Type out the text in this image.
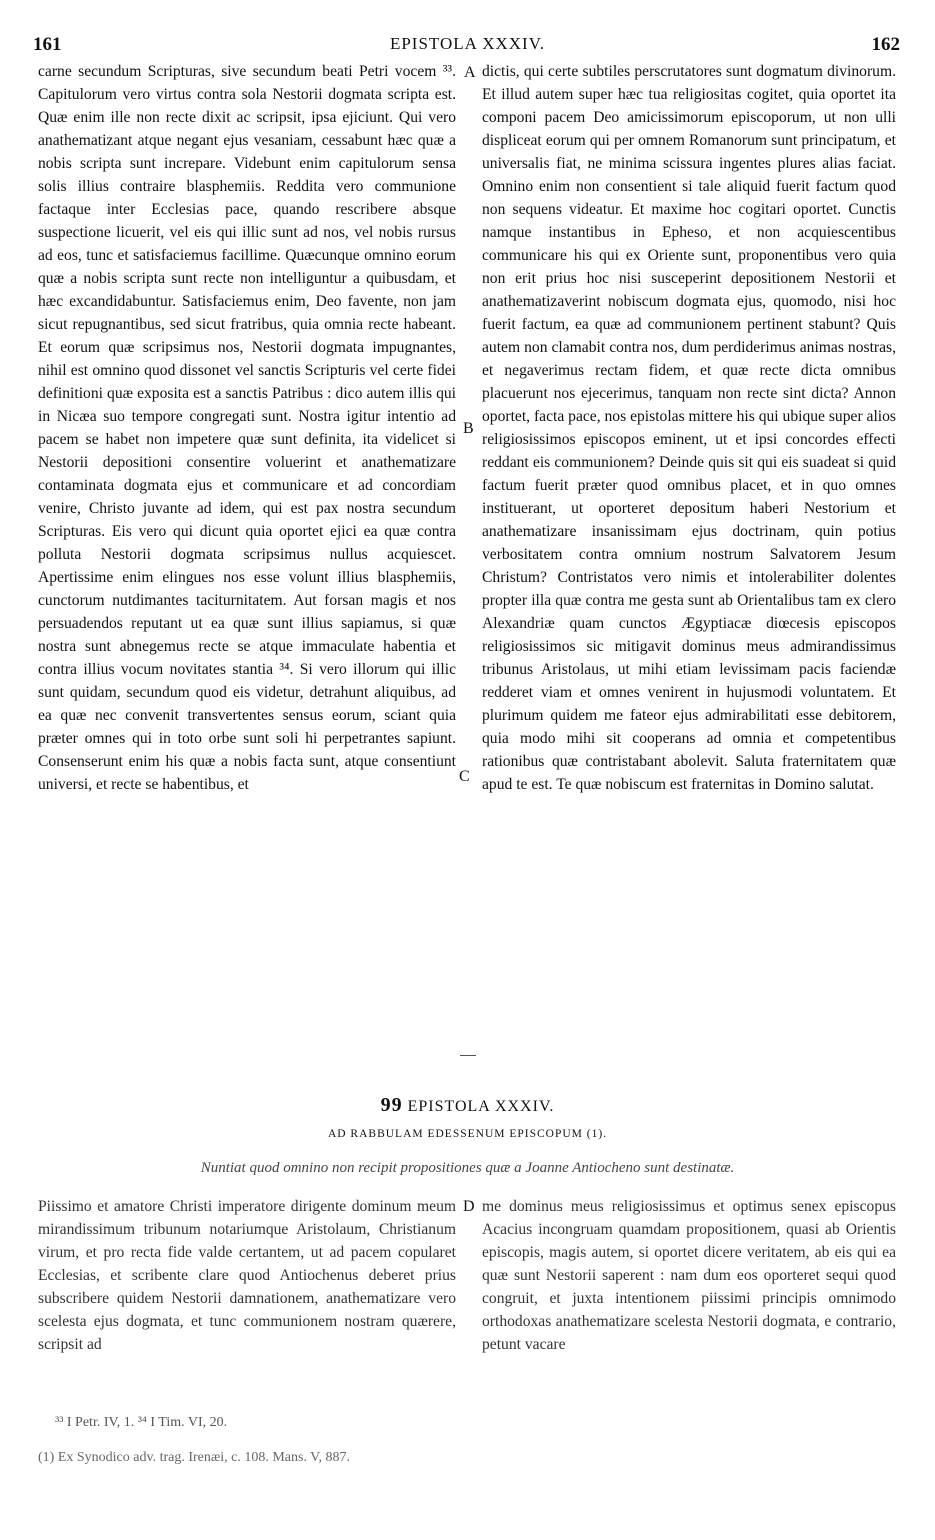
161	EPISTOLA XXXIV.	162

carne secundum Scripturas, sive secundum beati Petri vocem ³³. Capitulorum vero virtus contra sola Nestorii dogmata scripta est. Quæ enim ille non recte dixit ac scripsit, ipsa ejiciunt. Qui vero anathematizant atque negant ejus vesaniam, cessabunt hæc quæ a nobis scripta sunt increpare. Videbunt enim capitulorum sensa solis illius contraire blasphemiis. Reddita vero communione factaque inter Ecclesias pace, quando rescribere absque suspectione licuerit, vel eis qui illic sunt ad nos, vel nobis rursus ad eos, tunc et satisfaciemus facillime. Quæcunque omnino eorum quæ a nobis scripta sunt recte non intelliguntur a quibusdam, et hæc excandidabuntur. Satisfaciemus enim, Deo favente, non jam sicut repugnantibus, sed sicut fratribus, quia omnia recte habeant. Et eorum quæ scripsimus nos, Nestorii dogmata impugnantes, nihil est omnino quod dissonet vel sanctis Scripturis vel certe fidei definitioni quæ exposita est a sanctis Patribus : dico autem illis qui in Nicæa suo tempore congregati sunt. Nostra igitur intentio ad pacem se habet non impetere quæ sunt definita, ita videlicet si Nestorii depositioni consentire voluerint et anathematizare contaminata dogmata ejus et communicare et ad concordiam venire, Christo juvante ad idem, qui est pax nostra secundum Scripturas. Eis vero qui dicunt quia oportet ejici ea quæ contra polluta Nestorii dogmata scripsimus nullus acquiescet. Apertissime enim elingues nos esse volunt illius blasphemiis, cunctorum nutdimantes taciturnitatem. Aut forsan magis et nos persuadendos reputant ut ea quæ sunt illius sapiamus, si quæ nostra sunt abnegemus recte se atque immaculate habentia et contra illius vocum novitates stantia ³⁴. Si vero illorum qui illic sunt quidam, secundum quod eis videtur, detrahunt aliquibus, ad ea quæ nec convenit transvertentes sensus eorum, sciant quia præter omnes qui in toto orbe sunt soli hi perpetrantes sapiunt. Consenserunt enim his quæ a nobis facta sunt, atque consentiunt universi, et recte se habentibus, et

dictis, qui certe subtiles perscrutatores sunt dogmatum divinorum. Et illud autem super hæc tua religiositas cogitet, quia oportet ita componi pacem Deo amicissimorum episcoporum, ut non ulli displiceat eorum qui per omnem Romanorum sunt principatum, et universalis fiat, ne minima scissura ingentes plures alias faciat. Omnino enim non consentient si tale aliquid fuerit factum quod non sequens videatur. Et maxime hoc cogitari oportet. Cunctis namque instantibus in Epheso, et non acquiescentibus communicare his qui ex Oriente sunt, proponentibus vero quia non erit prius hoc nisi susceperint depositionem Nestorii et anathematizaverint nobiscum dogmata ejus, quomodo, nisi hoc fuerit factum, ea quæ ad communionem pertinent stabunt? Quis autem non clamabit contra nos, dum perdiderimus animas nostras, et negaverimus rectam fidem, et quæ recte dicta omnibus placuerunt nos ejecerimus, tanquam non recte sint dicta? Annon oportet, facta pace, nos epistolas mittere his qui ubique super alios religiosissimos episcopos eminent, ut et ipsi concordes effecti reddant eis communionem? Deinde quis sit qui eis suadeat si quid factum fuerit præter quod omnibus placet, et in quo omnes instituerant, ut oporteret depositum haberi Nestorium et anathematizare insanissimam ejus doctrinam, quin potius verbositatem contra omnium nostrum Salvatorem Jesum Christum? Contristatos vero nimis et intolerabiliter dolentes propter illa quæ contra me gesta sunt ab Orientalibus tam ex clero Alexandriæ quam cunctos Ægyptiacæ diœcesis episcopos religiosissimos sic mitigavit dominus meus admirandissimus tribunus Aristolaus, ut mihi etiam levissimam pacis faciendæ redderet viam et omnes venirent in hujusmodi voluntatem. Et plurimum quidem me fateor ejus admirabilitati esse debitorem, quia modo mihi sit cooperans ad omnia et competentibus rationibus quæ contristabant abolevit. Saluta fraternitatem quæ apud te est. Te quæ nobiscum est fraternitas in Domino salutat.

A
B
C
D
99 EPISTOLA XXXIV.
AD RABBULAM EDESSENUM EPISCOPUM (1).
Nuntiat quod omnino non recipit propositiones quæ a Joanne Antiocheno sunt destinatæ.

Piissimo et amatore Christi imperatore dirigente dominum meum mirandissimum tribunum notariumque Aristolaum, Christianum virum, et pro recta fide valde certantem, ut ad pacem copularet Ecclesias, et scribente clare quod Antiochenus deberet prius subscribere quidem Nestorii damnationem, anathematizare vero scelesta ejus dogmata, et tunc communionem nostram quærere, scripsit ad

me dominus meus religiosissimus et optimus senex episcopus Acacius incongruam quamdam propositionem, quasi ab Orientis episcopis, magis autem, si oportet dicere veritatem, ab eis qui ea quæ sunt Nestorii saperent : nam dum eos oporteret sequi quod congruit, et juxta intentionem piissimi principis omnimodo orthodoxas anathematizare scelesta Nestorii dogmata, e contrario, petunt vacare

³³ I Petr. IV, 1. ³⁴ I Tim. VI, 20.
(1) Ex Synodico adv. trag. Irenæi, c. 108. Mans. V, 887.
